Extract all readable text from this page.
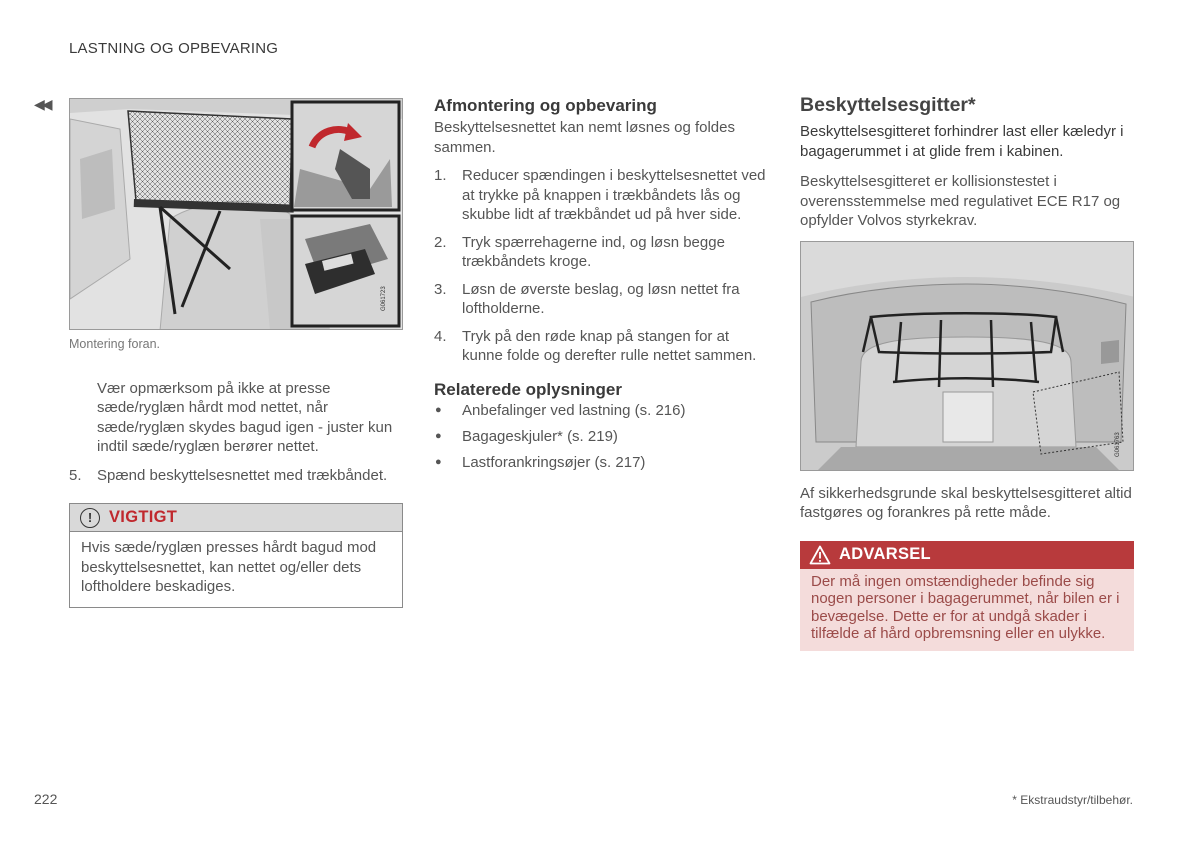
LASTNING OG OPBEVARING
◀◀
G061723
Montering foran.

Vær opmærksom på ikke at presse sæde/ryglæn hårdt mod nettet, når sæde/ryglæn skydes bagud igen - juster kun indtil sæde/ryglæn berører nettet.

5.	Spænd beskyttelsesnettet med trækbåndet.
!	VIGTIGT
Hvis sæde/ryglæn presses hårdt bagud mod beskyttelsesnettet, kan nettet og/eller dets loftholdere beskadiges.
Afmontering og opbevaring

Beskyttelsesnettet kan nemt løsnes og foldes sammen.

1.	Reducer spændingen i beskyttelsesnettet ved at trykke på knappen i trækbåndets lås og skubbe lidt af trækbåndet ud på hver side.
2.	Tryk spærrehagerne ind, og løsn begge trækbåndets kroge.
3.	Løsn de øverste beslag, og løsn nettet fra loftholderne.
4.	Tryk på den røde knap på stangen for at kunne folde og derefter rulle nettet sammen.
Relaterede oplysninger
●	Anbefalinger ved lastning (s. 216)
●	Bagageskjuler* (s. 219)
●	Lastforankringsøjer (s. 217)
Beskyttelsesgitter*

Beskyttelsesgitteret forhindrer last eller kæledyr i bagagerummet i at glide frem i kabinen.

Beskyttelsesgitteret er kollisionstestet i overensstemmelse med regulativet ECE R17 og opfylder Volvos styrkekrav.

G061763

Af sikkerhedsgrunde skal beskyttelsesgitteret altid fastgøres og forankres på rette måde.

ADVARSEL
Der må ingen omstændigheder befinde sig nogen personer i bagagerummet, når bilen er i bevægelse. Dette er for at undgå skader i tilfælde af hård opbremsning eller en ulykke.
222	* Ekstraudstyr/tilbehør.
